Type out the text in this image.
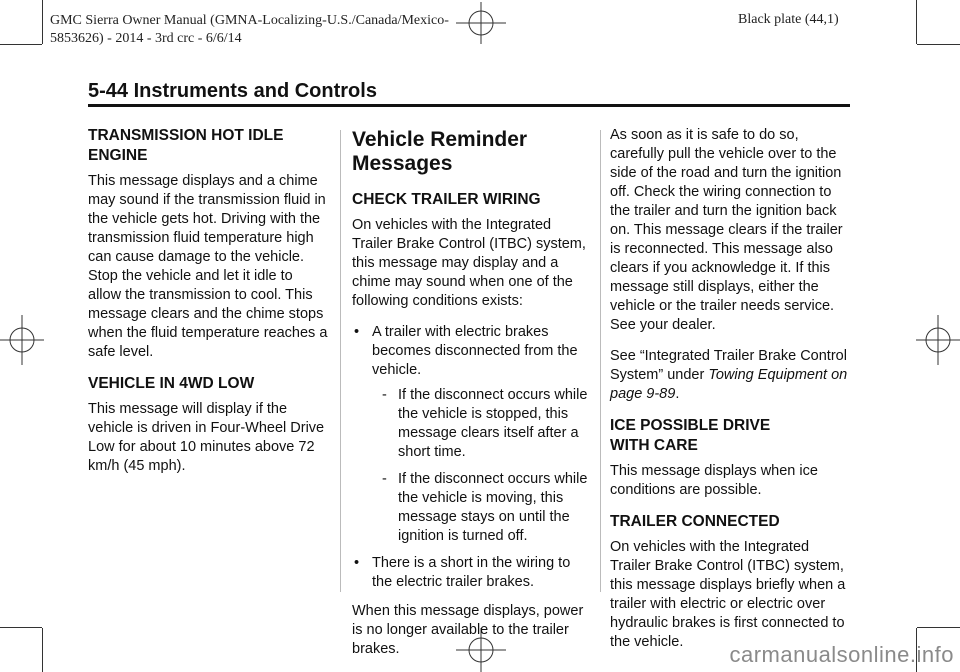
GMC Sierra Owner Manual (GMNA-Localizing-U.S./Canada/Mexico-
5853626) - 2014 - 3rd crc - 6/6/14
Black plate (44,1)
5-44 Instruments and Controls
TRANSMISSION HOT IDLE
ENGINE

This message displays and a chime may sound if the transmission fluid in the vehicle gets hot. Driving with the transmission fluid temperature high can cause damage to the vehicle. Stop the vehicle and let it idle to allow the transmission to cool. This message clears and the chime stops when the fluid temperature reaches a safe level.

VEHICLE IN 4WD LOW

This message will display if the vehicle is driven in Four-Wheel Drive Low for about 10 minutes above 72 km/h (45 mph).

Vehicle Reminder Messages
CHECK TRAILER WIRING

On vehicles with the Integrated Trailer Brake Control (ITBC) system, this message may display and a chime may sound when one of the following conditions exists:

• A trailer with electric brakes becomes disconnected from the vehicle.
- If the disconnect occurs while the vehicle is stopped, this message clears itself after a short time.
- If the disconnect occurs while the vehicle is moving, this message stays on until the ignition is turned off.
• There is a short in the wiring to the electric trailer brakes.

When this message displays, power is no longer available to the trailer brakes.

As soon as it is safe to do so, carefully pull the vehicle over to the side of the road and turn the ignition off. Check the wiring connection to the trailer and turn the ignition back on. This message clears if the trailer is reconnected. This message also clears if you acknowledge it. If this message still displays, either the vehicle or the trailer needs service. See your dealer.

See “Integrated Trailer Brake Control System” under Towing Equipment on page 9-89.

ICE POSSIBLE DRIVE
WITH CARE

This message displays when ice conditions are possible.

TRAILER CONNECTED

On vehicles with the Integrated Trailer Brake Control (ITBC) system, this message displays briefly when a trailer with electric or electric over hydraulic brakes is first connected to the vehicle.	carmanualsonline.info
